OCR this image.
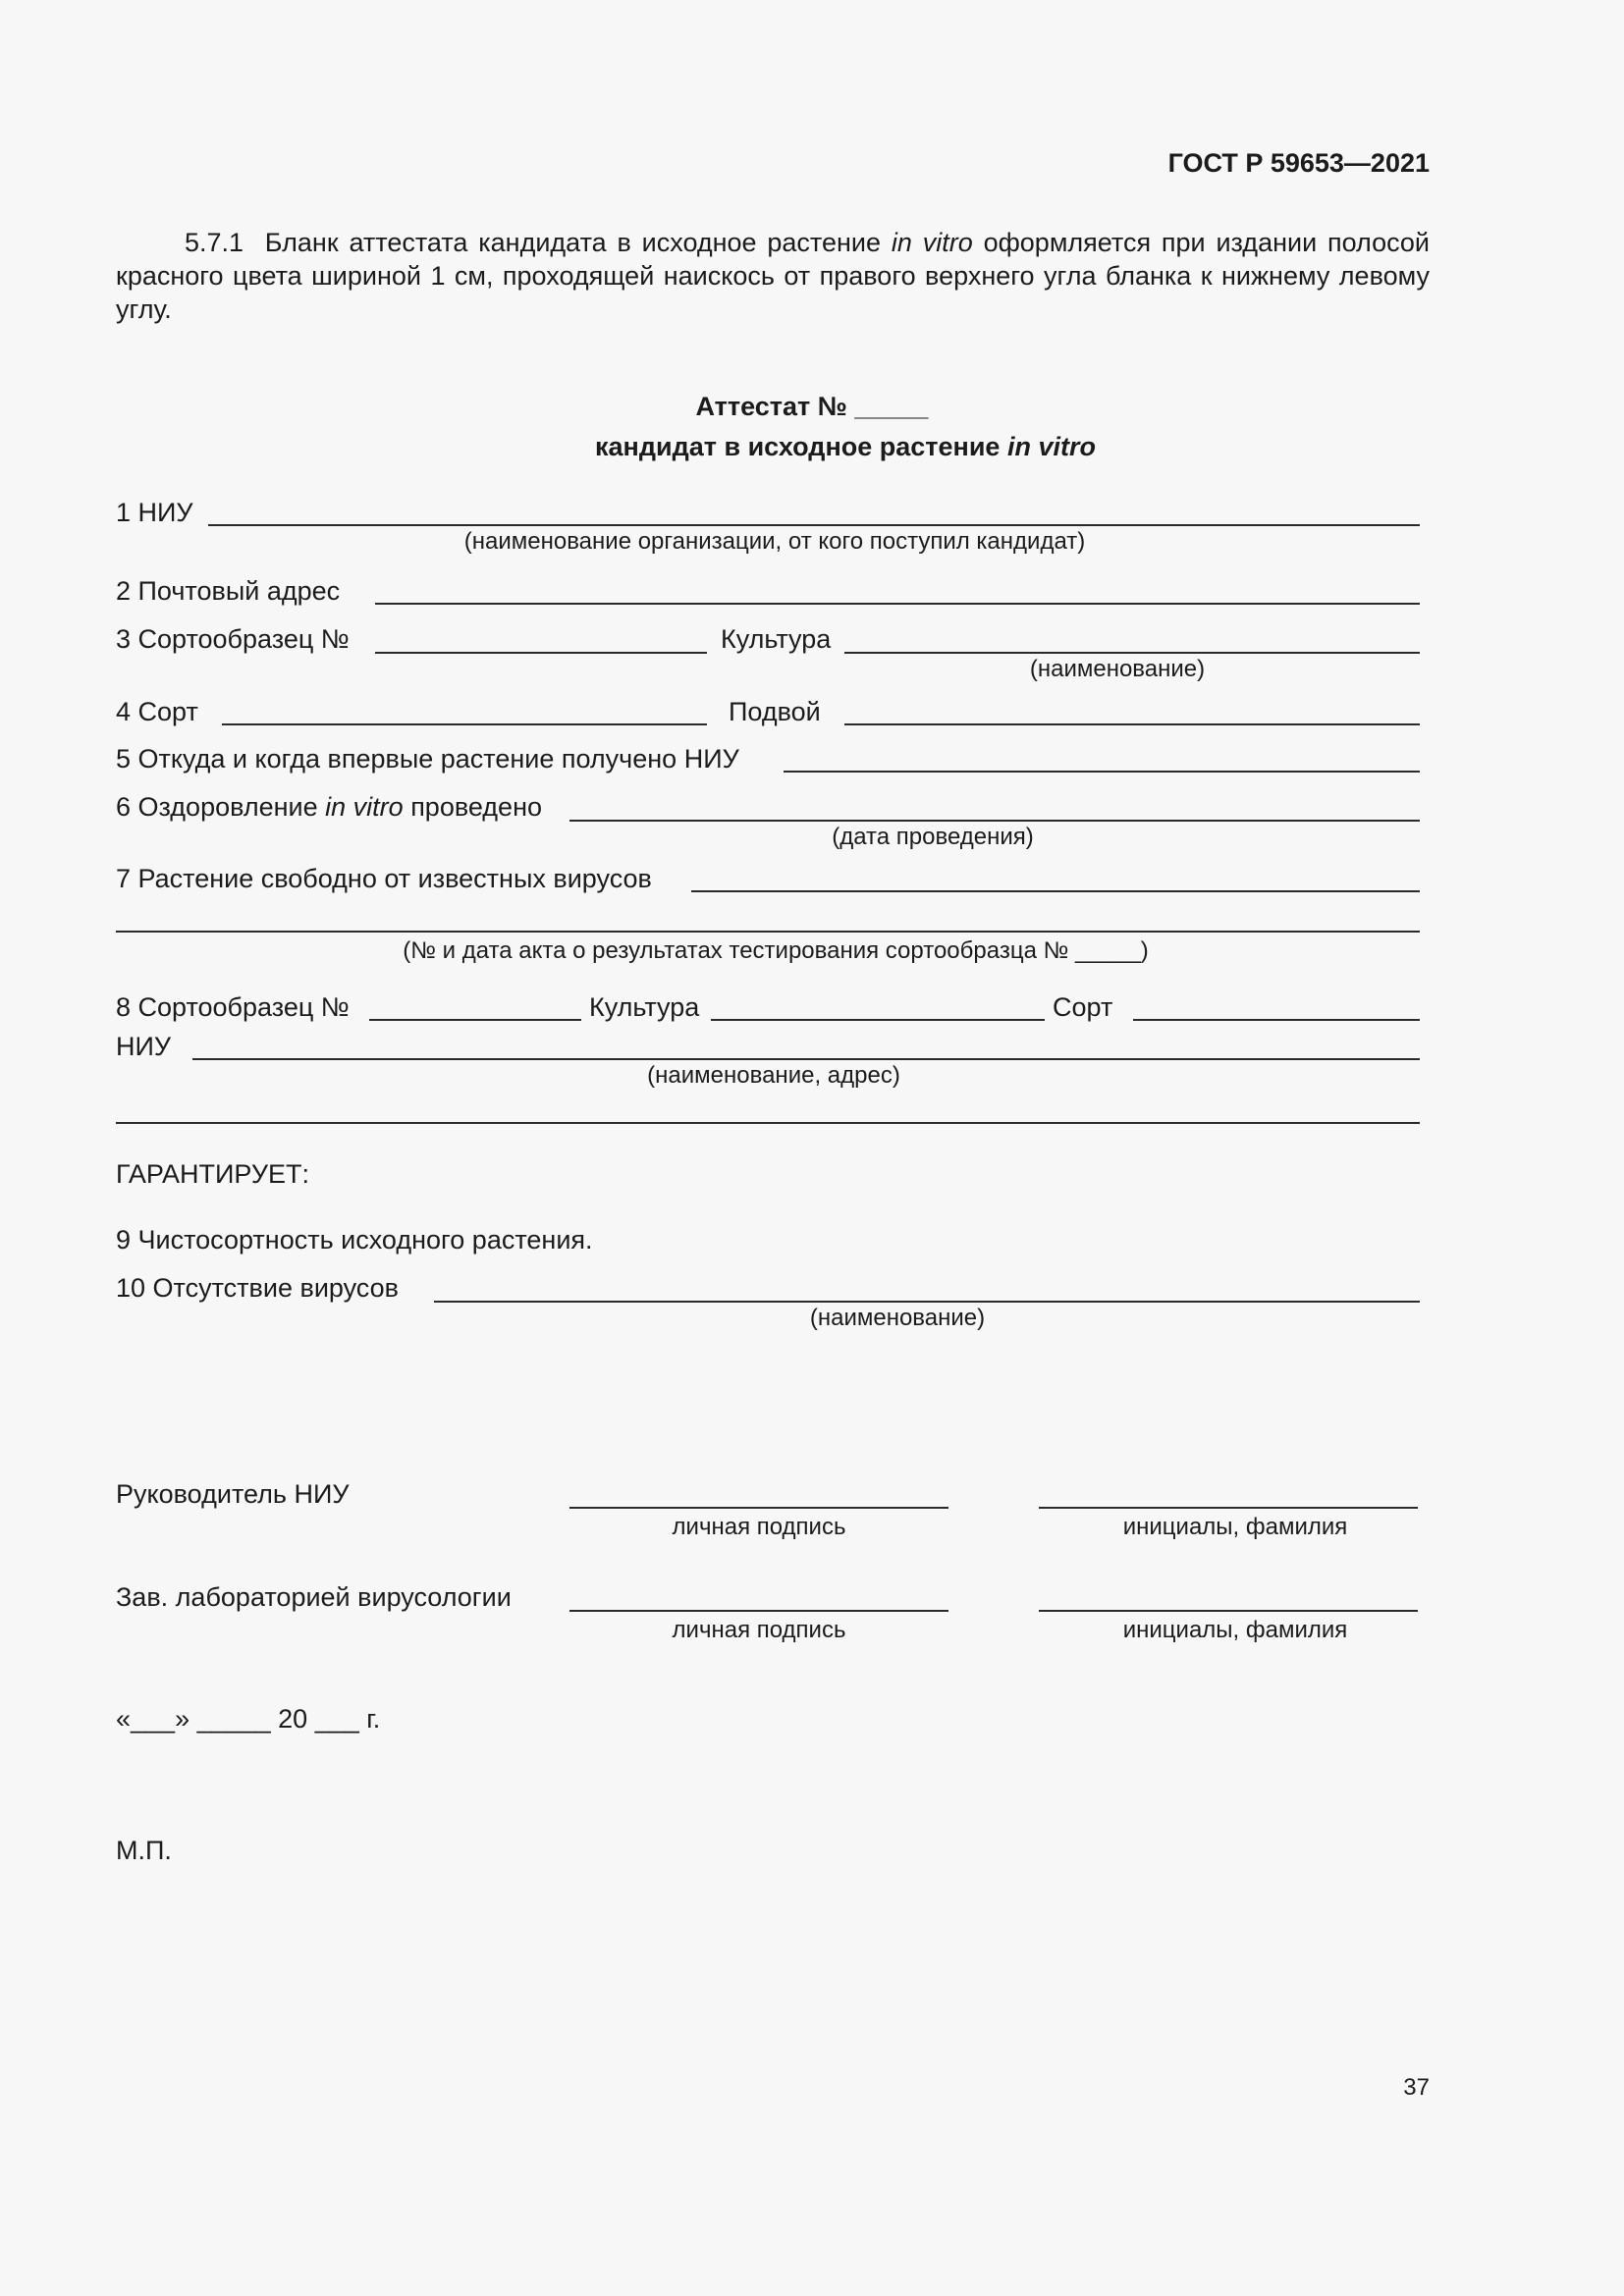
ГОСТ Р 59653—2021
5.7.1 Бланк аттестата кандидата в исходное растение in vitro оформляется при издании полосой красного цвета шириной 1 см, проходящей наискось от правого верхнего угла бланка к нижнему левому углу.
Аттестат № _____
кандидат в исходное растение in vitro
1 НИУ
(наименование организации, от кого поступил кандидат)
2 Почтовый адрес
3 Сортообразец №	Культура
(наименование)
4 Сорт	Подвой
5 Откуда и когда впервые растение получено НИУ
6 Оздоровление in vitro проведено
(дата проведения)
7 Растение свободно от известных вирусов
(№ и дата акта о результатах тестирования сортообразца № _____)
8 Сортообразец №	Культура	Сорт
НИУ
(наименование, адрес)
ГАРАНТИРУЕТ:
9 Чистосортность исходного растения.
10 Отсутствие вирусов
(наименование)
Руководитель НИУ
личная подпись	инициалы, фамилия
Зав. лабораторией вирусологии
личная подпись	инициалы, фамилия
«___» _____ 20 ___ г.
М.П.
37
